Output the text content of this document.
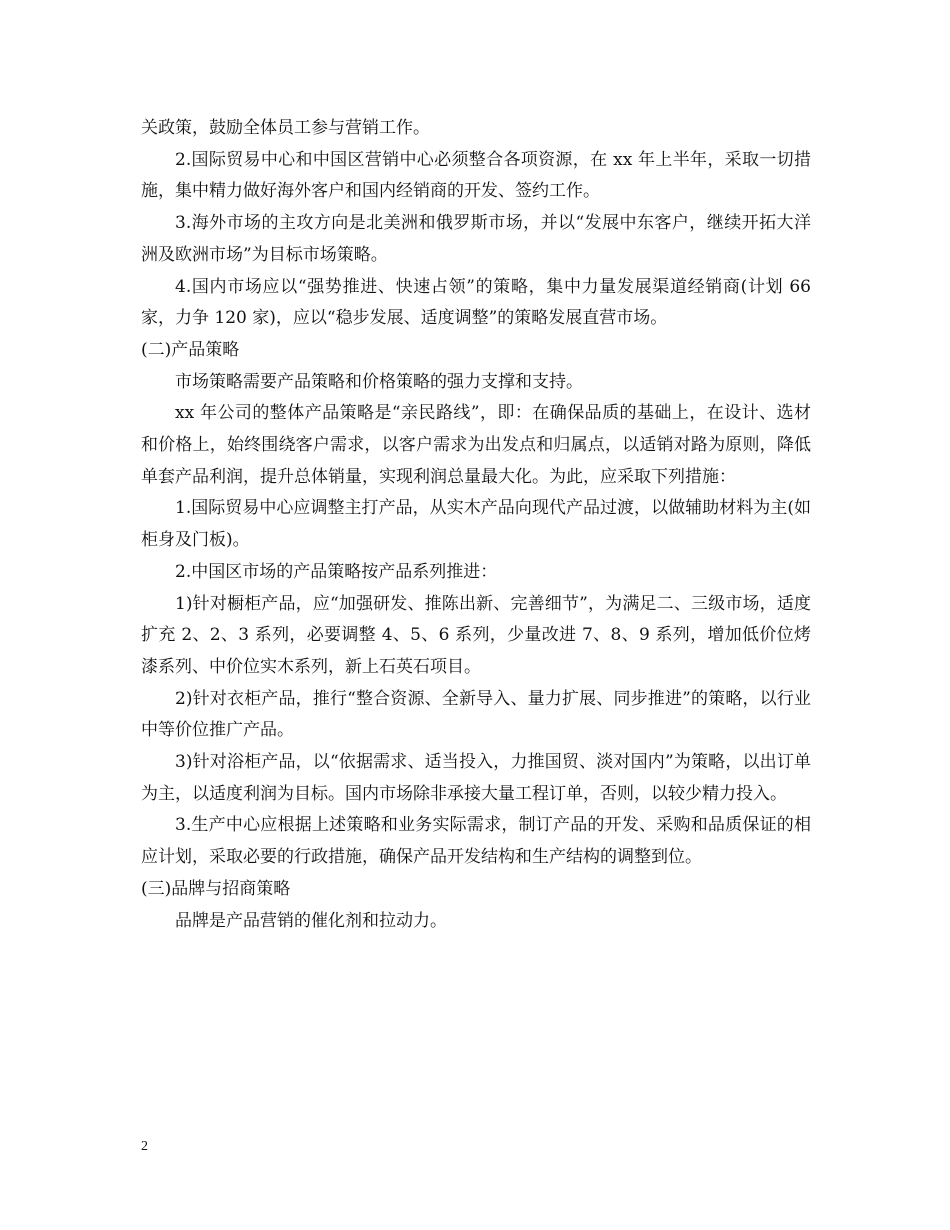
关政策，鼓励全体员工参与营销工作。

2.国际贸易中心和中国区营销中心必须整合各项资源，在 xx 年上半年，采取一切措施，集中精力做好海外客户和国内经销商的开发、签约工作。

3.海外市场的主攻方向是北美洲和俄罗斯市场，并以“发展中东客户，继续开拓大洋洲及欧洲市场”为目标市场策略。

4.国内市场应以“强势推进、快速占领”的策略，集中力量发展渠道经销商(计划 66 家，力争 120 家)，应以“稳步发展、适度调整”的策略发展直营市场。

(二)产品策略

市场策略需要产品策略和价格策略的强力支撑和支持。

xx 年公司的整体产品策略是“亲民路线”，即：在确保品质的基础上，在设计、选材和价格上，始终围绕客户需求，以客户需求为出发点和归属点，以适销对路为原则，降低单套产品利润，提升总体销量，实现利润总量最大化。为此，应采取下列措施：

1.国际贸易中心应调整主打产品，从实木产品向现代产品过渡，以做辅助材料为主(如柜身及门板)。

2.中国区市场的产品策略按产品系列推进：

1)针对橱柜产品，应“加强研发、推陈出新、完善细节”，为满足二、三级市场，适度扩充 2、2、3 系列，必要调整 4、5、6 系列，少量改进 7、8、9 系列，增加低价位烤漆系列、中价位实木系列，新上石英石项目。

2)针对衣柜产品，推行“整合资源、全新导入、量力扩展、同步推进”的策略，以行业中等价位推广产品。

3)针对浴柜产品，以“依据需求、适当投入，力推国贸、淡对国内”为策略，以出订单为主，以适度利润为目标。国内市场除非承接大量工程订单，否则，以较少精力投入。

3.生产中心应根据上述策略和业务实际需求，制订产品的开发、采购和品质保证的相应计划，采取必要的行政措施，确保产品开发结构和生产结构的调整到位。

(三)品牌与招商策略

品牌是产品营销的催化剂和拉动力。

2
